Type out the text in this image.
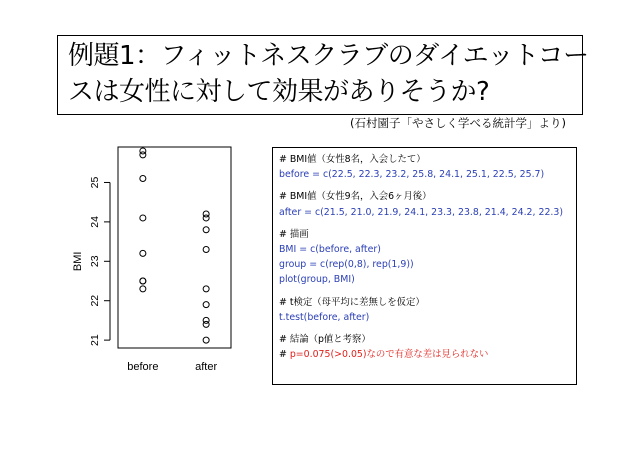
例題1：フィットネスクラブのダイエットコー
スは女性に対して効果がありそうか?
(石村園子「やさしく学べる統計学」より)
BMI
21
22
23
24
25
before	after
# BMI値（女性8名，入会したて）
before = c(22.5, 22.3, 23.2, 25.8, 24.1, 25.1, 22.5, 25.7)
# BMI値（女性9名，入会6ヶ月後）
after = c(21.5, 21.0, 21.9, 24.1, 23.3, 23.8, 21.4, 24.2, 22.3)
# 描画
BMI = c(before, after)
group = c(rep(0,8), rep(1,9))
plot(group, BMI)
# t検定（母平均に差無しを仮定）
t.test(before, after)
# 結論（p値と考察）
# p=0.075(>0.05)なので有意な差は見られない
